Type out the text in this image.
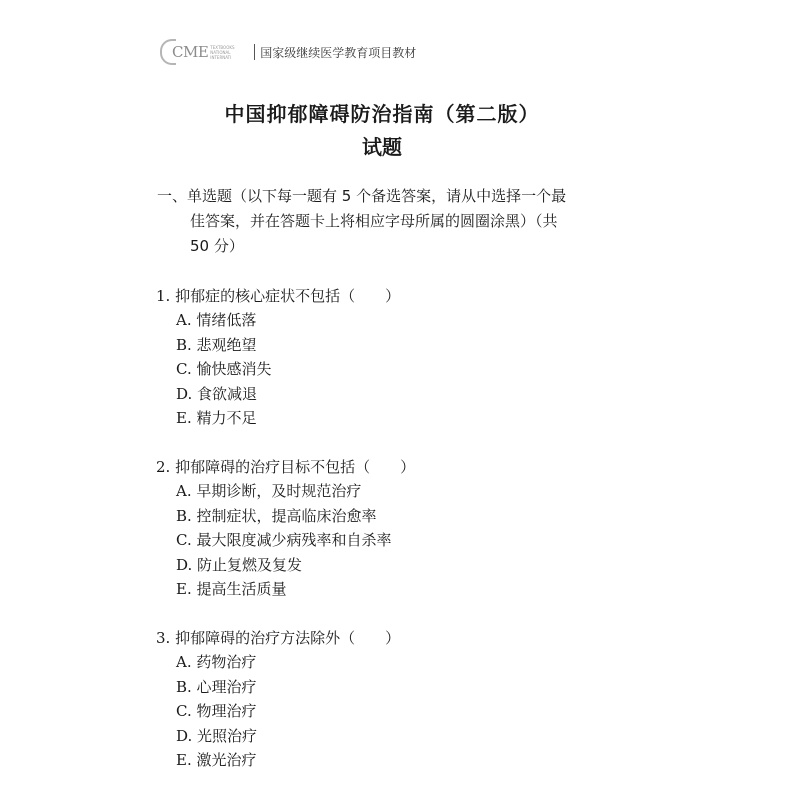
CME TEXTBOOKS
NATIONAL INTERNATI	国家级继续医学教育项目教材
中国抑郁障碍防治指南（第二版）
试题
一、单选题（以下每一题有 5 个备选答案，请从中选择一个最
佳答案，并在答题卡上将相应字母所属的圆圈涂黑）（共
50 分）
1. 抑郁症的核心症状不包括（　　）
A. 情绪低落
B. 悲观绝望
C. 愉快感消失
D. 食欲减退
E. 精力不足
2. 抑郁障碍的治疗目标不包括（　　）
A. 早期诊断，及时规范治疗
B. 控制症状，提高临床治愈率
C. 最大限度减少病残率和自杀率
D. 防止复燃及复发
E. 提高生活质量
3. 抑郁障碍的治疗方法除外（　　）
A. 药物治疗
B. 心理治疗
C. 物理治疗
D. 光照治疗
E. 激光治疗
